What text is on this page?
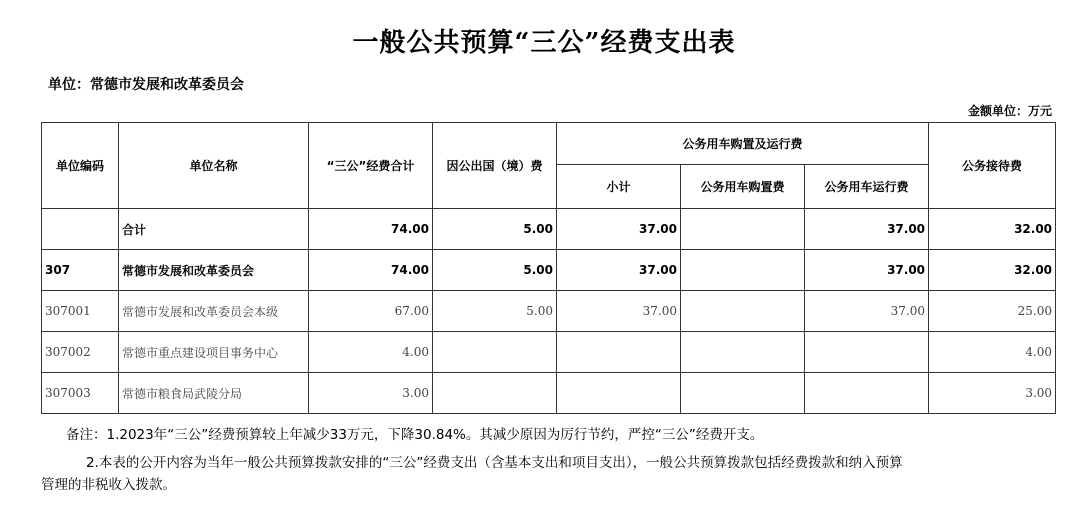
一般公共预算“三公”经费支出表
单位：常德市发展和改革委员会
金额单位：万元
单位编码	单位名称	“三公”经费合计	因公出国（境）费	公务用车购置及运行费			公务接待费
				小计	公务用车购置费	公务用车运行费	
	合计	74.00	5.00	37.00		37.00	32.00
307	常德市发展和改革委员会	74.00	5.00	37.00		37.00	32.00
307001	常德市发展和改革委员会本级	67.00	5.00	37.00		37.00	25.00
307002	常德市重点建设项目事务中心	4.00					4.00
307003	常德市粮食局武陵分局	3.00					3.00
备注：1.2023年“三公”经费预算较上年减少33万元，下降30.84%。其减少原因为厉行节约，严控“三公”经费开支。
2.本表的公开内容为当年一般公共预算拨款安排的“三公”经费支出（含基本支出和项目支出），一般公共预算拨款包括经费拨款和纳入预算
管理的非税收入拨款。
